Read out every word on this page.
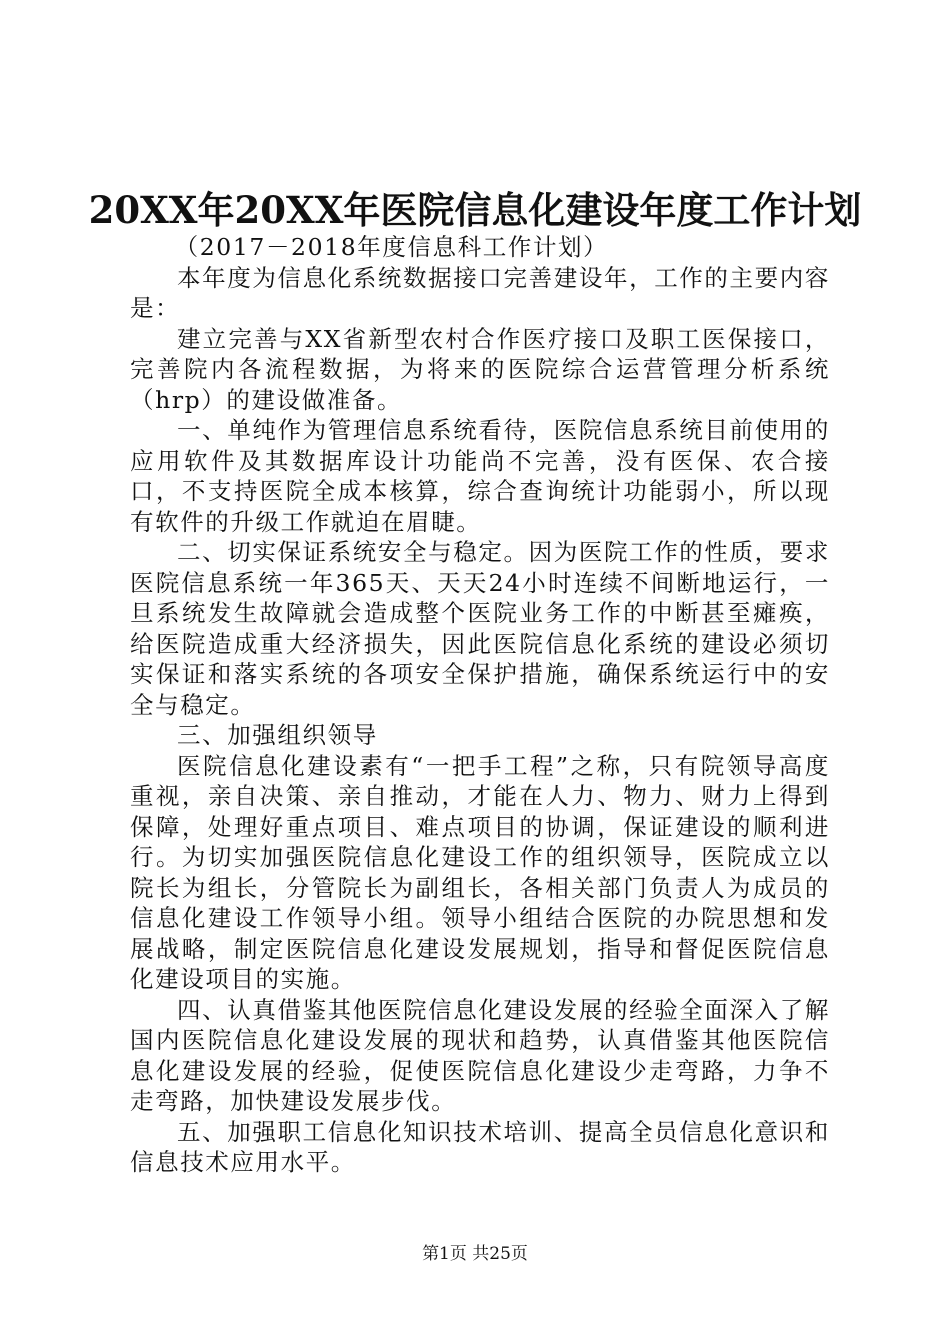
20XX年20XX年医院信息化建设年度工作计划

（2017－2018年度信息科工作计划）

本年度为信息化系统数据接口完善建设年，工作的主要内容是：

建立完善与XX省新型农村合作医疗接口及职工医保接口，完善院内各流程数据，为将来的医院综合运营管理分析系统（hrp）的建设做准备。

一、单纯作为管理信息系统看待，医院信息系统目前使用的应用软件及其数据库设计功能尚不完善，没有医保、农合接口，不支持医院全成本核算，综合查询统计功能弱小，所以现有软件的升级工作就迫在眉睫。

二、切实保证系统安全与稳定。因为医院工作的性质，要求医院信息系统一年365天、天天24小时连续不间断地运行，一旦系统发生故障就会造成整个医院业务工作的中断甚至瘫痪，给医院造成重大经济损失，因此医院信息化系统的建设必须切实保证和落实系统的各项安全保护措施，确保系统运行中的安全与稳定。

三、加强组织领导

医院信息化建设素有“一把手工程”之称，只有院领导高度重视，亲自决策、亲自推动，才能在人力、物力、财力上得到保障，处理好重点项目、难点项目的协调，保证建设的顺利进行。为切实加强医院信息化建设工作的组织领导，医院成立以院长为组长，分管院长为副组长，各相关部门负责人为成员的信息化建设工作领导小组。领导小组结合医院的办院思想和发展战略，制定医院信息化建设发展规划，指导和督促医院信息化建设项目的实施。

四、认真借鉴其他医院信息化建设发展的经验全面深入了解国内医院信息化建设发展的现状和趋势，认真借鉴其他医院信息化建设发展的经验，促使医院信息化建设少走弯路，力争不走弯路，加快建设发展步伐。

五、加强职工信息化知识技术培训、提高全员信息化意识和信息技术应用水平。

第1页 共25页
